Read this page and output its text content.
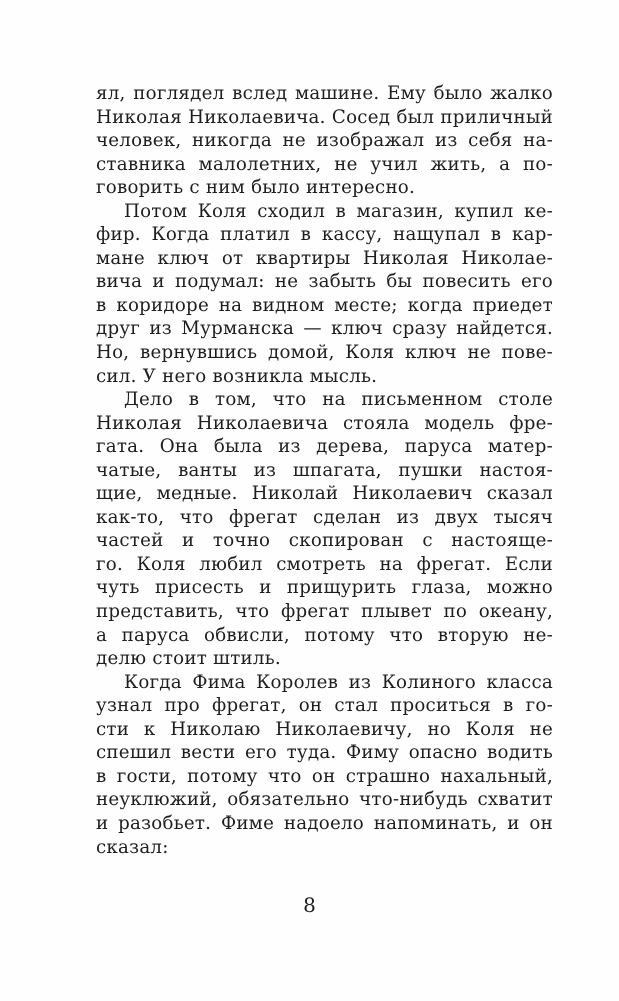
ял, поглядел вслед машине. Ему было жалко
Николая Николаевича. Сосед был приличный
человек, никогда не изображал из себя на-
ставника малолетних, не учил жить, а по-
говорить с ним было интересно.
Потом Коля сходил в магазин, купил ке-
фир. Когда платил в кассу, нащупал в кар-
мане ключ от квартиры Николая Николае-
вича и подумал: не забыть бы повесить его
в коридоре на видном месте; когда приедет
друг из Мурманска — ключ сразу найдется.
Но, вернувшись домой, Коля ключ не пове-
сил. У него возникла мысль.
Дело в том, что на письменном столе
Николая Николаевича стояла модель фре-
гата. Она была из дерева, паруса матер-
чатые, ванты из шпагата, пушки настоя-
щие, медные. Николай Николаевич сказал
как-то, что фрегат сделан из двух тысяч
частей и точно скопирован с настояще-
го. Коля любил смотреть на фрегат. Если
чуть присесть и прищурить глаза, можно
представить, что фрегат плывет по океану,
а паруса обвисли, потому что вторую не-
делю стоит штиль.
Когда Фима Королев из Колиного класса
узнал про фрегат, он стал проситься в го-
сти к Николаю Николаевичу, но Коля не
спешил вести его туда. Фиму опасно водить
в гости, потому что он страшно нахальный,
неуклюжий, обязательно что-нибудь схватит
и разобьет. Фиме надоело напоминать, и он
сказал:
8
